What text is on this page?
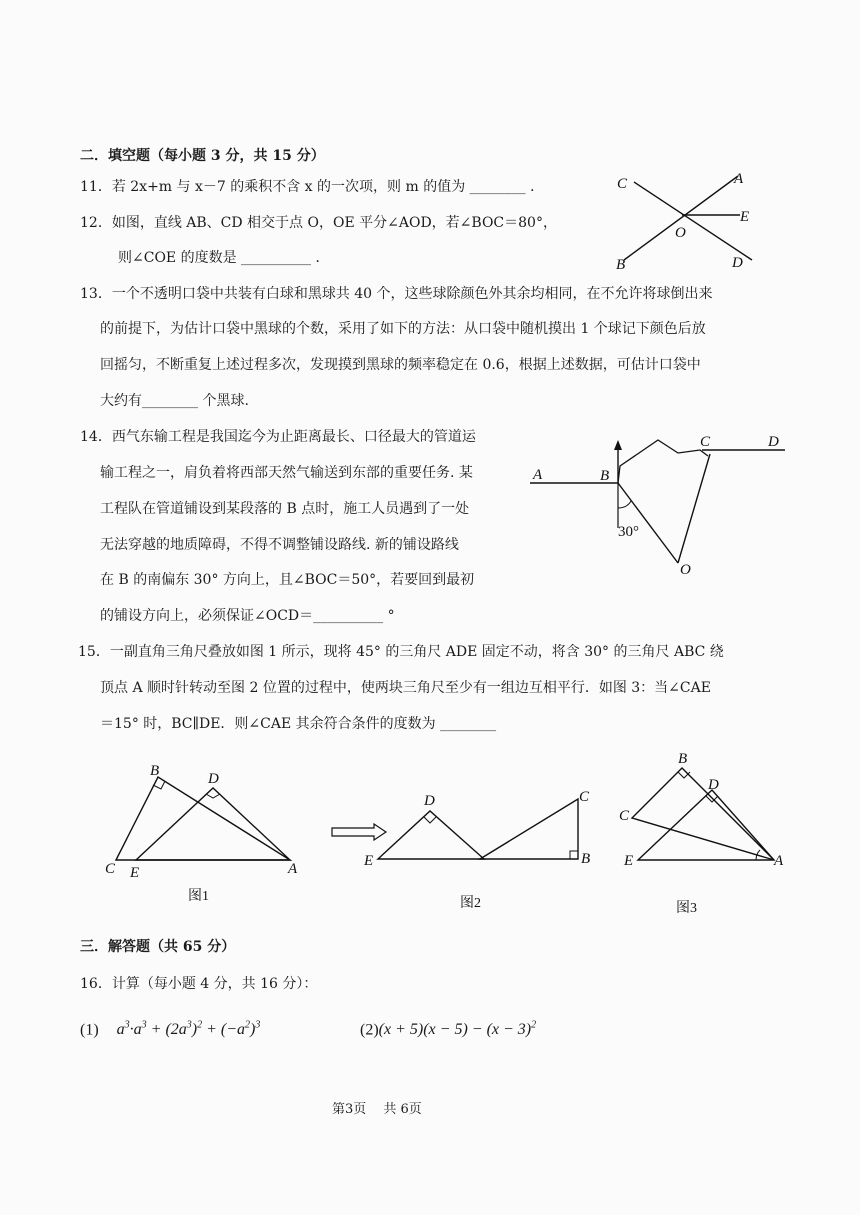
二．填空题（每小题 3 分，共 15 分）
11．若 2x+m 与 x－7 的乘积不含 x 的一次项，则 m 的值为 ________ ．
12．如图，直线 AB、CD 相交于点 O，OE 平分∠AOD，若∠BOC＝80°，
则∠COE 的度数是 __________ ．
C	A
E
O
B	D
13．一个不透明口袋中共装有白球和黑球共 40 个，这些球除颜色外其余均相同，在不允许将球倒出来
的前提下，为估计口袋中黑球的个数，采用了如下的方法：从口袋中随机摸出 1 个球记下颜色后放
回摇匀，不断重复上述过程多次，发现摸到黑球的频率稳定在 0.6，根据上述数据，可估计口袋中
大约有________ 个黑球.
14．西气东输工程是我国迄今为止距离最长、口径最大的管道运
输工程之一，肩负着将西部天然气输送到东部的重要任务. 某
工程队在管道铺设到某段落的 B 点时，施工人员遇到了一处
无法穿越的地质障碍，不得不调整铺设路线. 新的铺设路线
在 B 的南偏东 30° 方向上，且∠BOC＝50°，若要回到最初
的铺设方向上，必须保证∠OCD＝__________ °
A	B
C	D
O
30°
15．一副直角三角尺叠放如图 1 所示，现将 45° 的三角尺 ADE 固定不动，将含 30° 的三角尺 ABC 绕
顶点 A 顺时针转动至图 2 位置的过程中，使两块三角尺至少有一组边互相平行．如图 3：当∠CAE
＝15° 时，BC∥DE．则∠CAE 其余符合条件的度数为 ________
B	D
C E	A
图1
D	C
E	B
图2
B
D
C
E	A
图3
三．解答题（共 65 分）
16．计算（每小题 4 分，共 16 分）：
(1) $a^3\cdot a^3 + (2a^3)^2 + (-a^2)^3$	$(2)(x + 5)(x - 5) - (x - 3)^2$
第3页　 共 6页
